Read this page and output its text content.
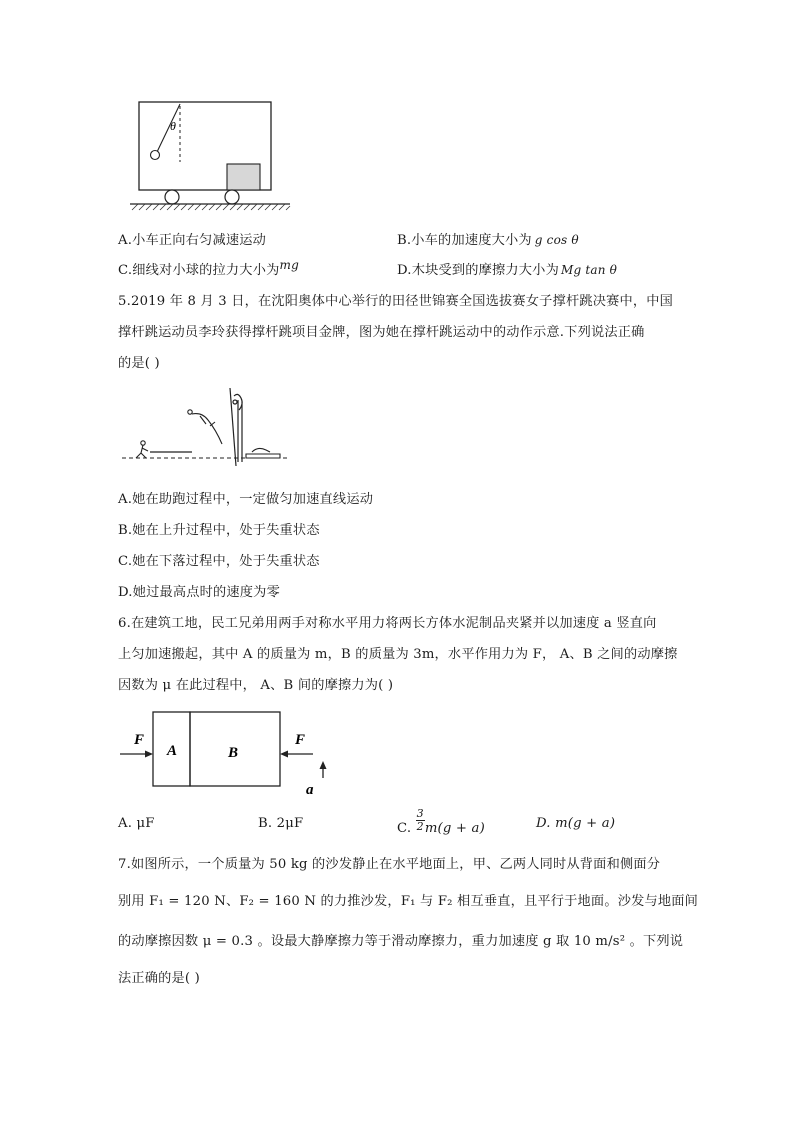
θ
A.小车正向右匀减速运动	B.小车的加速度大小为 g cos θ
C.细线对小球的拉力大小为mg	D.木块受到的摩擦力大小为 Mg tan θ
5.2019 年 8 月 3 日，在沈阳奥体中心举行的田径世锦赛全国选拔赛女子撑杆跳决赛中，中国
撑杆跳运动员李玲获得撑杆跳项目金牌，图为她在撑杆跳运动中的动作示意.下列说法正确
的是( )
A.她在助跑过程中，一定做匀加速直线运动
B.她在上升过程中，处于失重状态
C.她在下落过程中，处于失重状态
D.她过最高点时的速度为零
6.在建筑工地，民工兄弟用两手对称水平用力将两长方体水泥制品夹紧并以加速度 a 竖直向
上匀加速搬起，其中 A 的质量为 m，B 的质量为 3m，水平作用力为 F， A、B 之间的动摩擦
因数为 μ 在此过程中， A、B 间的摩擦力为( )
A	B
F	F
a
A. μF	B. 2μF	C. $\frac{3}{2} m(g + a)$	D. m(g + a)
7.如图所示，一个质量为 50 kg 的沙发静止在水平地面上，甲、乙两人同时从背面和侧面分
别用 F₁ = 120 N、F₂ = 160 N 的力推沙发，F₁ 与 F₂ 相互垂直，且平行于地面。沙发与地面间
的动摩擦因数 μ = 0.3 。设最大静摩擦力等于滑动摩擦力，重力加速度 g 取 10 m/s² 。下列说
法正确的是( )
